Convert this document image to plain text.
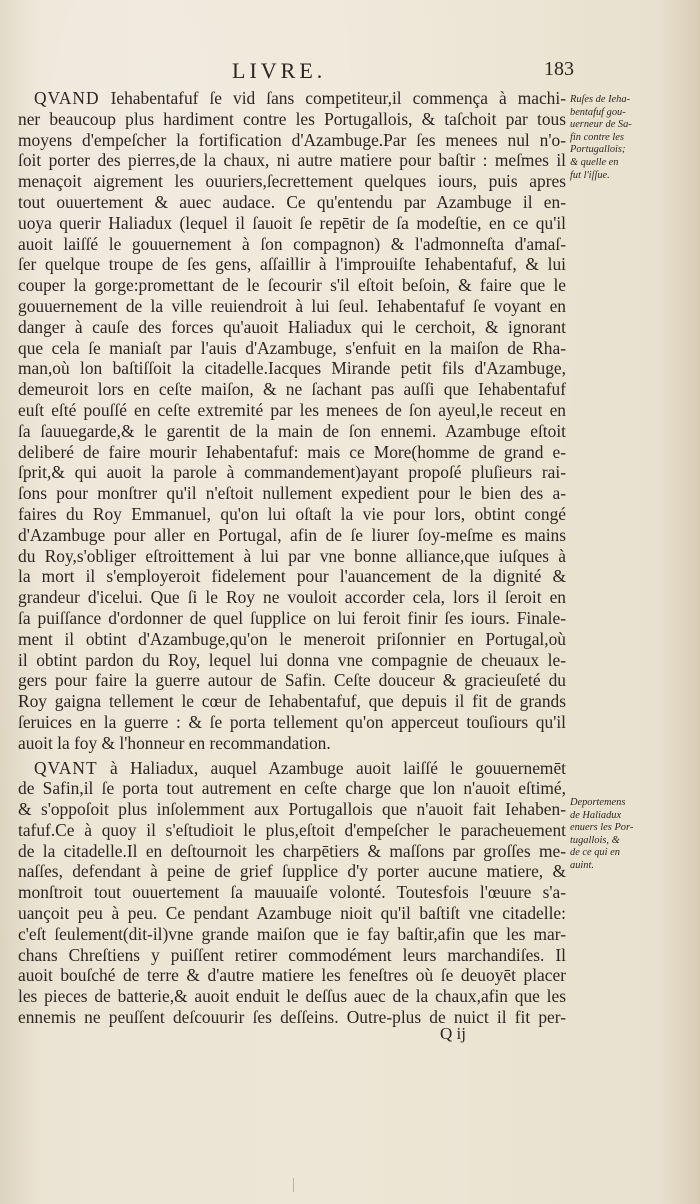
LIVRE.	183
QVAND Iehabentafuf ſe vid ſans competiteur,il commença à machi-
ner beaucoup plus hardiment contre les Portugallois, & taſchoit par tous
moyens d'empeſcher la fortification d'Azambuge.Par ſes menees nul n'o-
ſoit porter des pierres,de la chaux, ni autre matiere pour baſtir : meſmes il
menaçoit aigrement les ouuriers,ſecrettement quelques iours, puis apres
tout ouuertement & auec audace. Ce qu'entendu par Azambuge il en-
uoya querir Haliadux (lequel il ſauoit ſe repētir de ſa modeſtie, en ce qu'il
auoit laiſſé le gouuernement à ſon compagnon) & l'admonneſta d'amaſ-
ſer quelque troupe de ſes gens, aſſaillir à l'improuiſte Iehabentafuf, & lui
couper la gorge:promettant de le ſecourir s'il eſtoit beſoin, & faire que le
gouuernement de la ville reuiendroit à lui ſeul. Iehabentafuf ſe voyant en
danger à cauſe des forces qu'auoit Haliadux qui le cerchoit, & ignorant
que cela ſe maniaſt par l'auis d'Azambuge, s'enfuit en la maiſon de Rha-
man,où lon baſtiſſoit la citadelle.Iacques Mirande petit fils d'Azambuge,
demeuroit lors en ceſte maiſon, & ne ſachant pas auſſi que Iehabentafuf
euſt eſté pouſſé en ceſte extremité par les menees de ſon ayeul,le receut en
ſa ſauuegarde,& le garentit de la main de ſon ennemi. Azambuge eſtoit
deliberé de faire mourir Iehabentafuf: mais ce More(homme de grand e-
ſprit,& qui auoit la parole à commandement)ayant propoſé pluſieurs rai-
ſons pour monſtrer qu'il n'eſtoit nullement expedient pour le bien des a-
faires du Roy Emmanuel, qu'on lui oſtaſt la vie pour lors, obtint congé
d'Azambuge pour aller en Portugal, afin de ſe liurer ſoy-meſme es mains
du Roy,s'obliger eſtroittement à lui par vne bonne alliance,que iuſques à
la mort il s'employeroit fidelement pour l'auancement de la dignité &
grandeur d'icelui. Que ſi le Roy ne vouloit accorder cela, lors il ſeroit en
ſa puiſſance d'ordonner de quel ſupplice on lui feroit finir ſes iours. Finale-
ment il obtint d'Azambuge,qu'on le meneroit priſonnier en Portugal,où
il obtint pardon du Roy, lequel lui donna vne compagnie de cheuaux le-
gers pour faire la guerre autour de Safin. Ceſte douceur & gracieuſeté du
Roy gaigna tellement le cœur de Iehabentafuf, que depuis il fit de grands
ſeruices en la guerre : & ſe porta tellement qu'on apperceut touſiours qu'il
auoit la foy & l'honneur en recommandation.
QVANT à Haliadux, auquel Azambuge auoit laiſſé le gouuernemēt
de Safin,il ſe porta tout autrement en ceſte charge que lon n'auoit eſtimé,
& s'oppoſoit plus inſolemment aux Portugallois que n'auoit fait Iehaben-
tafuf.Ce à quoy il s'eſtudioit le plus,eſtoit d'empeſcher le paracheuement
de la citadelle.Il en deſtournoit les charpētiers & maſſons par groſſes me-
naſſes, defendant à peine de grief ſupplice d'y porter aucune matiere, &
monſtroit tout ouuertement ſa mauuaiſe volonté. Toutesfois l'œuure s'a-
uançoit peu à peu. Ce pendant Azambuge nioit qu'il baſtiſt vne citadelle:
c'eſt ſeulement(dit-il)vne grande maiſon que ie fay baſtir,afin que les mar-
chans Chreſtiens y puiſſent retirer commodément leurs marchandiſes. Il
auoit bouſché de terre & d'autre matiere les feneſtres où ſe deuoyēt placer
les pieces de batterie,& auoit enduit le deſſus auec de la chaux,afin que les
ennemis ne peuſſent deſcouurir ſes deſſeins. Outre-plus de nuict il fit per-
Ruſes de Ieha-
bentafuf gou-
uerneur de Sa-
fin contre les
Portugallois;
& quelle en
fut l'iſſue.
Deportemens
de Haliadux
enuers les Por-
tugallois, &
de ce qui en
auint.
Q ij
